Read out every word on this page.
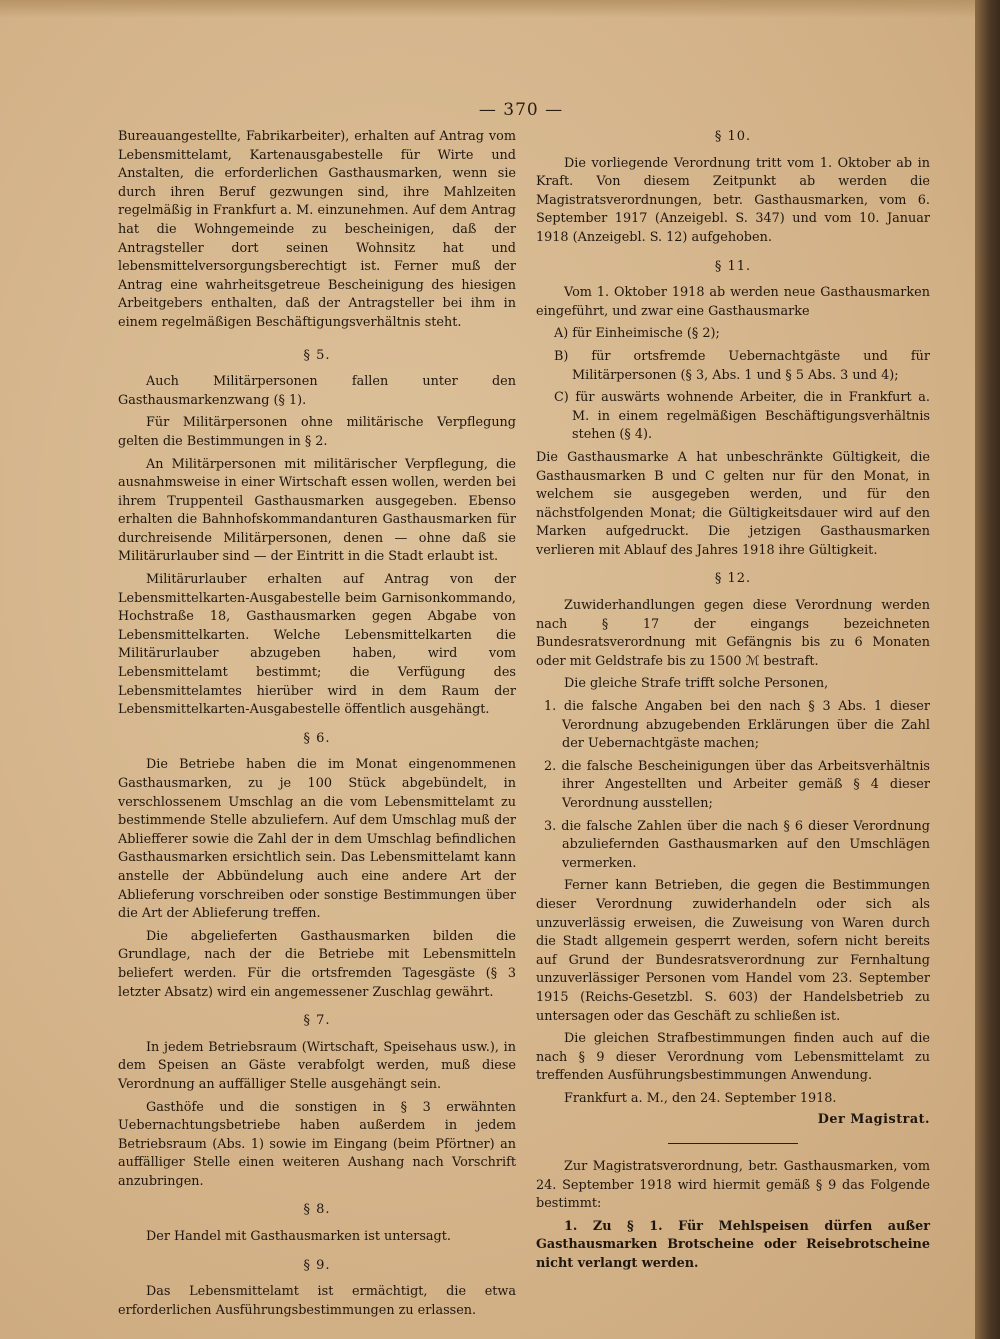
— 370 —

Bureauangestellte, Fabrikarbeiter), erhalten auf Antrag vom Lebensmittelamt, Kartenausgabestelle für Wirte und Anstalten, die erforderlichen Gasthausmarken, wenn sie durch ihren Beruf gezwungen sind, ihre Mahlzeiten regelmäßig in Frankfurt a. M. einzunehmen. Auf dem Antrag hat die Wohngemeinde zu bescheinigen, daß der Antragsteller dort seinen Wohnsitz hat und lebensmittelversorgungsberechtigt ist. Ferner muß der Antrag eine wahrheitsgetreue Bescheinigung des hiesigen Arbeitgebers enthalten, daß der Antragsteller bei ihm in einem regelmäßigen Beschäftigungsverhältnis steht.

§ 5.

Auch Militärpersonen fallen unter den Gasthausmarkenzwang (§ 1).

Für Militärpersonen ohne militärische Verpflegung gelten die Bestimmungen in § 2.

An Militärpersonen mit militärischer Verpflegung, die ausnahmsweise in einer Wirtschaft essen wollen, werden bei ihrem Truppenteil Gasthausmarken ausgegeben. Ebenso erhalten die Bahnhofskommandanturen Gasthausmarken für durchreisende Militärpersonen, denen — ohne daß sie Militärurlauber sind — der Eintritt in die Stadt erlaubt ist.

Militärurlauber erhalten auf Antrag von der Lebensmittelkarten-Ausgabestelle beim Garnisonkommando, Hochstraße 18, Gasthausmarken gegen Abgabe von Lebensmittelkarten. Welche Lebensmittelkarten die Militärurlauber abzugeben haben, wird vom Lebensmittelamt bestimmt; die Verfügung des Lebensmittelamtes hierüber wird in dem Raum der Lebensmittelkarten-Ausgabestelle öffentlich ausgehängt.

§ 6.

Die Betriebe haben die im Monat eingenommenen Gasthausmarken, zu je 100 Stück abgebündelt, in verschlossenem Umschlag an die vom Lebensmittelamt zu bestimmende Stelle abzuliefern. Auf dem Umschlag muß der Abliefferer sowie die Zahl der in dem Umschlag befindlichen Gasthausmarken ersichtlich sein. Das Lebensmittelamt kann anstelle der Abbündelung auch eine andere Art der Ablieferung vorschreiben oder sonstige Bestimmungen über die Art der Ablieferung treffen.

Die abgelieferten Gasthausmarken bilden die Grundlage, nach der die Betriebe mit Lebensmitteln beliefert werden. Für die ortsfremden Tagesgäste (§ 3 letzter Absatz) wird ein angemessener Zuschlag gewährt.

§ 7.

In jedem Betriebsraum (Wirtschaft, Speisehaus usw.), in dem Speisen an Gäste verabfolgt werden, muß diese Verordnung an auffälliger Stelle ausgehängt sein.

Gasthöfe und die sonstigen in § 3 erwähnten Uebernachtungsbetriebe haben außerdem in jedem Betriebsraum (Abs. 1) sowie im Eingang (beim Pförtner) an auffälliger Stelle einen weiteren Aushang nach Vorschrift anzubringen.

§ 8.

Der Handel mit Gasthausmarken ist untersagt.

§ 9.

Das Lebensmittelamt ist ermächtigt, die etwa erforderlichen Ausführungsbestimmungen zu erlassen.

§ 10.

Die vorliegende Verordnung tritt vom 1. Oktober ab in Kraft. Von diesem Zeitpunkt ab werden die Magistratsverordnungen, betr. Gasthausmarken, vom 6. September 1917 (Anzeigebl. S. 347) und vom 10. Januar 1918 (Anzeigebl. S. 12) aufgehoben.

§ 11.

Vom 1. Oktober 1918 ab werden neue Gasthausmarken eingeführt, und zwar eine Gasthausmarke

A) für Einheimische (§ 2);
B) für ortsfremde Uebernachtgäste und für Militärpersonen (§ 3, Abs. 1 und § 5 Abs. 3 und 4);
C) für auswärts wohnende Arbeiter, die in Frankfurt a. M. in einem regelmäßigen Beschäftigungsverhältnis stehen (§ 4).

Die Gasthausmarke A hat unbeschränkte Gültigkeit, die Gasthausmarken B und C gelten nur für den Monat, in welchem sie ausgegeben werden, und für den nächstfolgenden Monat; die Gültigkeitsdauer wird auf den Marken aufgedruckt. Die jetzigen Gasthausmarken verlieren mit Ablauf des Jahres 1918 ihre Gültigkeit.

§ 12.

Zuwiderhandlungen gegen diese Verordnung werden nach § 17 der eingangs bezeichneten Bundesratsverordnung mit Gefängnis bis zu 6 Monaten oder mit Geldstrafe bis zu 1500 ℳ bestraft.

Die gleiche Strafe trifft solche Personen,

1. die falsche Angaben bei den nach § 3 Abs. 1 dieser Verordnung abzugebenden Erklärungen über die Zahl der Uebernachtgäste machen;
2. die falsche Bescheinigungen über das Arbeitsverhältnis ihrer Angestellten und Arbeiter gemäß § 4 dieser Verordnung ausstellen;
3. die falsche Zahlen über die nach § 6 dieser Verordnung abzuliefernden Gasthausmarken auf den Umschlägen vermerken.

Ferner kann Betrieben, die gegen die Bestimmungen dieser Verordnung zuwiderhandeln oder sich als unzuverlässig erweisen, die Zuweisung von Waren durch die Stadt allgemein gesperrt werden, sofern nicht bereits auf Grund der Bundesratsverordnung zur Fernhaltung unzuverlässiger Personen vom Handel vom 23. September 1915 (Reichs-Gesetzbl. S. 603) der Handelsbetrieb zu untersagen oder das Geschäft zu schließen ist.

Die gleichen Strafbestimmungen finden auch auf die nach § 9 dieser Verordnung vom Lebensmittelamt zu treffenden Ausführungsbestimmungen Anwendung.

Frankfurt a. M., den 24. September 1918.
Der Magistrat.

Zur Magistratsverordnung, betr. Gasthausmarken, vom 24. September 1918 wird hiermit gemäß § 9 das Folgende bestimmt:

1. Zu § 1. Für Mehlspeisen dürfen außer Gasthausmarken Brotscheine oder Reisebrotscheine nicht verlangt werden.
